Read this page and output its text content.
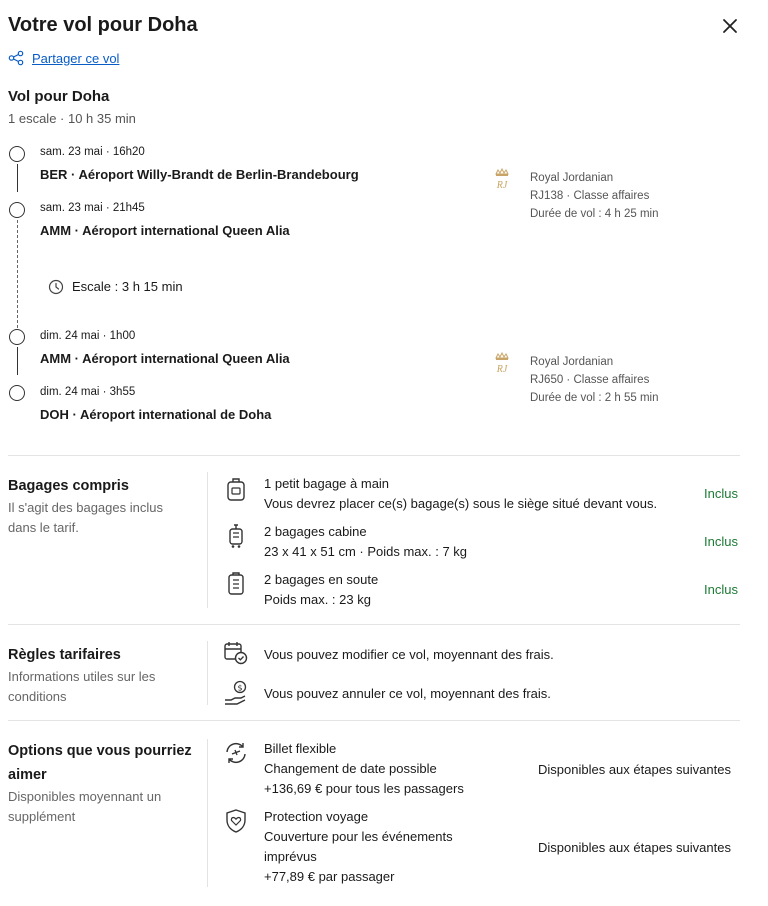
Votre vol pour Doha
Partager ce vol
Vol pour Doha
1 escale · 10 h 35 min
sam. 23 mai · 16h20
BER · Aéroport Willy-Brandt de Berlin-Brandebourg
sam. 23 mai · 21h45
AMM · Aéroport international Queen Alia
RJ
Royal Jordanian
RJ138 · Classe affaires
Durée de vol : 4 h 25 min
Escale : 3 h 15 min
dim. 24 mai · 1h00
AMM · Aéroport international Queen Alia
dim. 24 mai · 3h55
DOH · Aéroport international de Doha
RJ
Royal Jordanian
RJ650 · Classe affaires
Durée de vol : 2 h 55 min
Bagages compris
Il s'agit des bagages inclus dans le tarif.
1 petit bagage à main
Vous devrez placer ce(s) bagage(s) sous le siège situé devant vous.
Inclus
2 bagages cabine
23 x 41 x 51 cm · Poids max. : 7 kg
Inclus
2 bagages en soute
Poids max. : 23 kg
Inclus
Règles tarifaires
Informations utiles sur les conditions
Vous pouvez modifier ce vol, moyennant des frais.
$ Vous pouvez annuler ce vol, moyennant des frais.
Options que vous pourriez aimer
Disponibles moyennant un supplément
Billet flexible
Changement de date possible
+136,69 € pour tous les passagers
Disponibles aux étapes suivantes
Protection voyage
Couverture pour les événements
imprévus
+77,89 € par passager
Disponibles aux étapes suivantes
